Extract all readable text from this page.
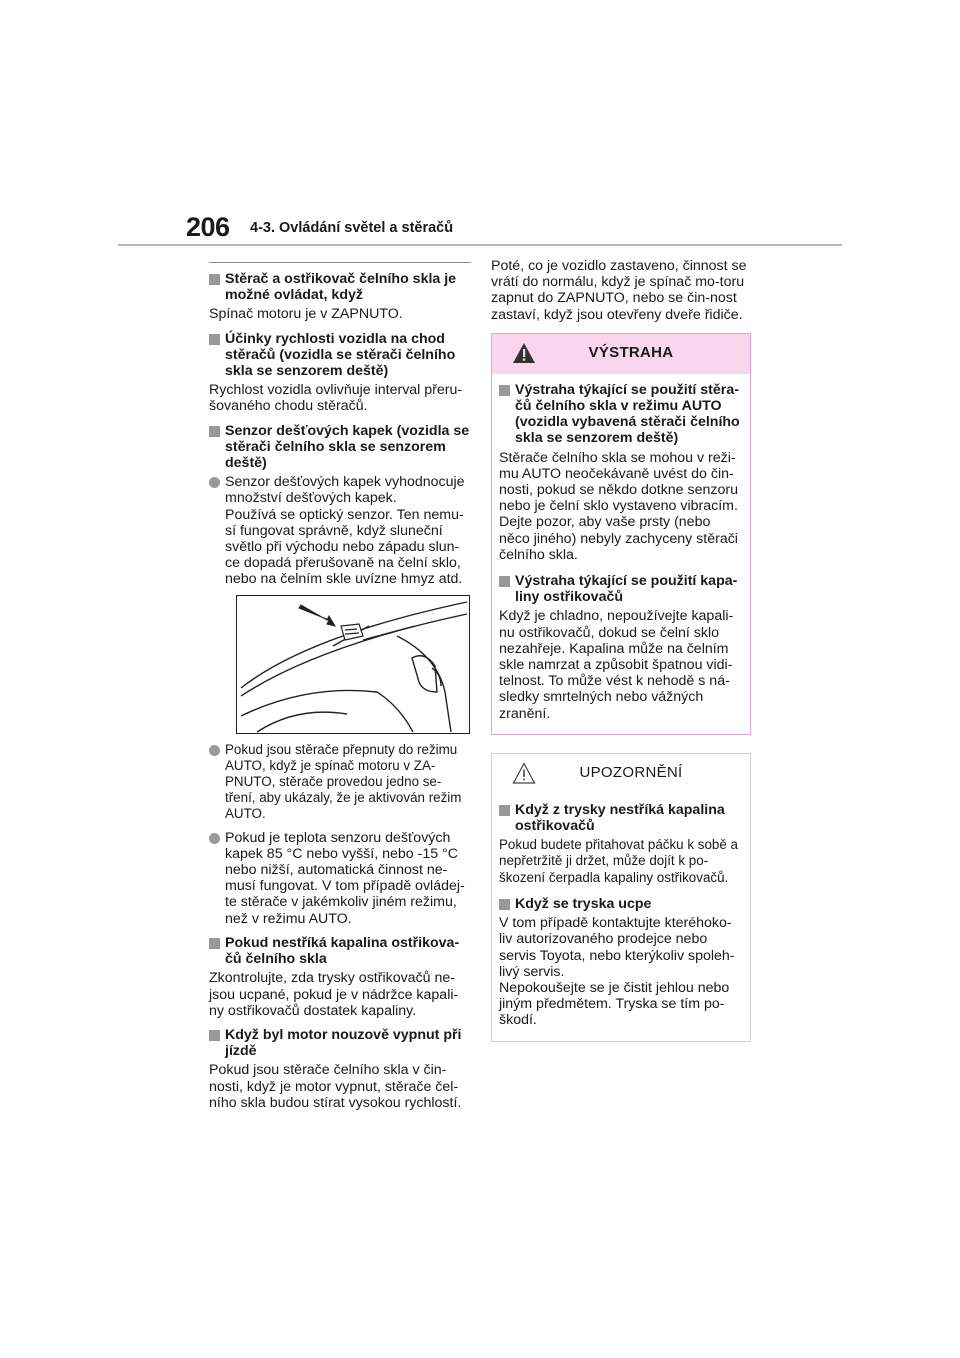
206 4-3. Ovládání světel a stěračů
Stěrač a ostřikovač čelního skla je možné ovládat, když
Spínač motoru je v ZAPNUTO.
Účinky rychlosti vozidla na chod stěračů (vozidla se stěrači čelního skla se senzorem deště)
Rychlost vozidla ovlivňuje interval přeru-šovaného chodu stěračů.
Senzor dešťových kapek (vozidla se stěrači čelního skla se senzorem deště)
Senzor dešťových kapek vyhodnocuje množství dešťových kapek.
Používá se optický senzor. Ten nemu-sí fungovat správně, když sluneční světlo při východu nebo západu slun-ce dopadá přerušovaně na čelní sklo, nebo na čelním skle uvízne hmyz atd.
Pokud jsou stěrače přepnuty do režimu AUTO, když je spínač motoru v ZA-PNUTO, stěrače provedou jedno se-tření, aby ukázaly, že je aktivován režim AUTO.
Pokud je teplota senzoru dešťových kapek 85 °C nebo vyšší, nebo -15 °C nebo nižší, automatická činnost ne-musí fungovat. V tom případě ovládej-te stěrače v jakémkoliv jiném režimu, než v režimu AUTO.
Pokud nestříká kapalina ostřikova-čů čelního skla
Zkontrolujte, zda trysky ostřikovačů ne-jsou ucpané, pokud je v nádržce kapali-ny ostřikovačů dostatek kapaliny.
Když byl motor nouzově vypnut při jízdě
Pokud jsou stěrače čelního skla v čin-nosti, když je motor vypnut, stěrače čel-ního skla budou stírat vysokou rychlostí.
Poté, co je vozidlo zastaveno, činnost se vrátí do normálu, když je spínač mo-toru zapnut do ZAPNUTO, nebo se čin-nost zastaví, když jsou otevřeny dveře řidiče.
VÝSTRAHA
Výstraha týkající se použití stěra-čů čelního skla v režimu AUTO (vozidla vybavená stěrači čelního skla se senzorem deště)
Stěrače čelního skla se mohou v reži-mu AUTO neočekávaně uvést do čin-nosti, pokud se někdo dotkne senzoru nebo je čelní sklo vystaveno vibracím. Dejte pozor, aby vaše prsty (nebo něco jiného) nebyly zachyceny stěrači čelního skla.
Výstraha týkající se použití kapa-liny ostřikovačů
Když je chladno, nepoužívejte kapali-nu ostřikovačů, dokud se čelní sklo nezahřeje. Kapalina může na čelním skle namrzat a způsobit špatnou vidi-telnost. To může vést k nehodě s ná-sledky smrtelných nebo vážných zranění.
UPOZORNĚNÍ
Když z trysky nestříká kapalina ostřikovačů
Pokud budete přitahovat páčku k sobě a nepřetržitě ji držet, může dojít k po-škození čerpadla kapaliny ostřikovačů.
Když se tryska ucpe
V tom případě kontaktujte kteréhoko-liv autorizovaného prodejce nebo servis Toyota, nebo kterýkoliv spoleh-livý servis.
Nepokoušejte se je čistit jehlou nebo jiným předmětem. Tryska se tím po-škodí.
